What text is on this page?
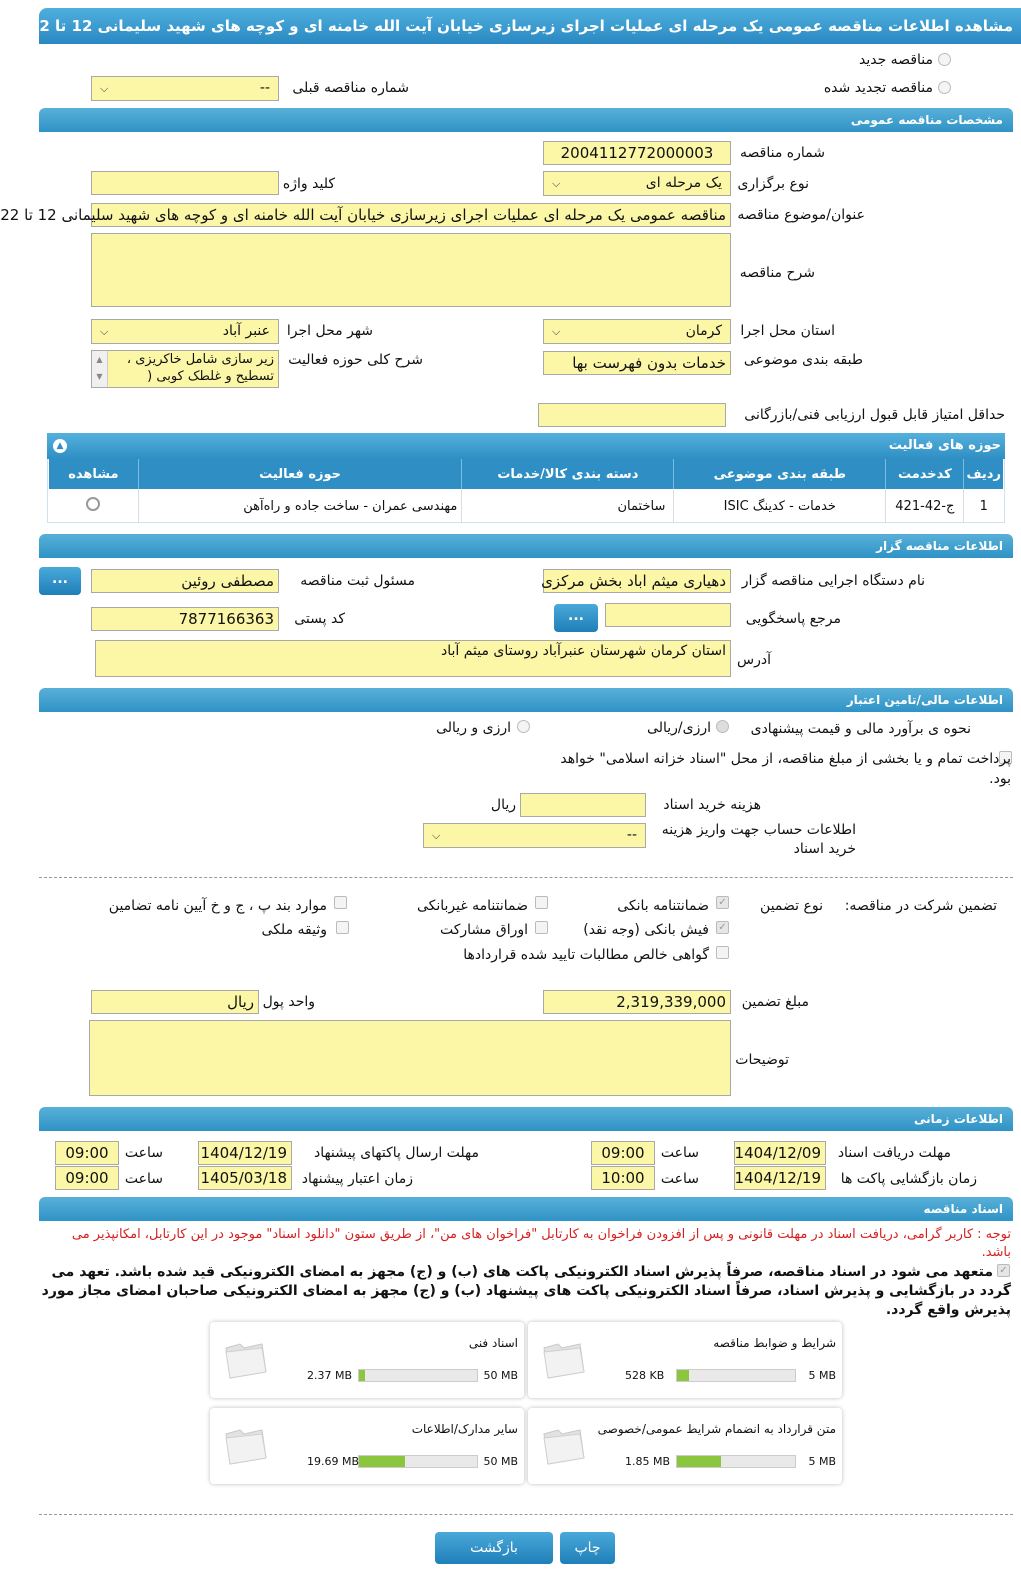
مشاهده اطلاعات مناقصه عمومی یک مرحله ای عملیات اجرای زیرسازی خیابان آیت الله خامنه ای و کوچه های شهید سلیمانی 12 تا 22
مناقصه جدید
مناقصه تجدید شده
شماره مناقصه قبلی
--
⌵
مشخصات مناقصه عمومی
شماره مناقصه
2004112772000003
نوع برگزاری
یک مرحله ای
⌵
کلید واژه
عنوان/موضوع مناقصه
مناقصه عمومی یک مرحله ای عملیات اجرای زیرسازی خیابان آیت الله خامنه ای و کوچه های شهید سلیمانی 12 تا 22
شرح مناقصه
استان محل اجرا
کرمان
⌵
شهر محل اجرا
عنبر آباد
⌵
طبقه بندی موضوعی
خدمات بدون فهرست بها
شرح کلی حوزه فعالیت
زیر سازی شامل خاکریزی ، تسطیح و غلطک کوبی (
▲
▼
حداقل امتیاز قابل قبول ارزیابی فنی/بازرگانی
حوزه های فعالیت
▲
ردیف	کدخدمت	طبقه بندی موضوعی	دسته بندی کالا/خدمات	حوزه فعالیت	مشاهده
1	ج-42-421	خدمات - کدینگ ISIC	ساختمان	مهندسی عمران - ساخت جاده و راه‌آهن	
اطلاعات مناقصه گزار
نام دستگاه اجرایی مناقصه گزار
دهیاری میثم اباد بخش مرکزی
مسئول ثبت مناقصه
مصطفی روئین
...
مرجع پاسخگویی
...
کد پستی
7877166363
آدرس
استان کرمان شهرستان عنبرآباد روستای میثم آباد
اطلاعات مالی/تامین اعتبار
نحوه ی برآورد مالی و قیمت پیشنهادی
ارزی/ریالی
ارزی و ریالی
پرداخت تمام و یا بخشی از مبلغ مناقصه، از محل "اسناد خزانه اسلامی" خواهد بود.
هزینه خرید اسناد
ریال
اطلاعات حساب جهت واریز هزینه خرید اسناد
--
⌵
تضمین شرکت در مناقصه:
نوع تضمین
✓
ضمانتنامه بانکی
ضمانتنامه غیربانکی
موارد بند پ ، ج و خ آیین نامه تضامین
✓
فیش بانکی (وجه نقد)
اوراق مشارکت
وثیقه ملکی
گواهی خالص مطالبات تایید شده قراردادها
مبلغ تضمین
2,319,339,000
واحد پول
ریال
توضیحات
اطلاعات زمانی
مهلت دریافت اسناد
1404/12/09
ساعت
09:00
مهلت ارسال پاکتهای پیشنهاد
1404/12/19
ساعت
09:00
زمان بازگشایی پاکت ها
1404/12/19
ساعت
10:00
زمان اعتبار پیشنهاد
1405/03/18
ساعت
09:00
اسناد مناقصه
توجه : کاربر گرامی، دریافت اسناد در مهلت قانونی و پس از افزودن فراخوان به کارتابل "فراخوان های من"، از طریق ستون "دانلود اسناد" موجود در این کارتابل، امکانپذیر می باشد.
✓
متعهد می شود در اسناد مناقصه، صرفاً پذیرش اسناد الکترونیکی پاکت های (ب) و (ج) مجهز به امضای الکترونیکی قید شده باشد. تعهد می گردد در بازگشایی و پذیرش اسناد، صرفاً اسناد الکترونیکی پاکت های پیشنهاد (ب) و (ج) مجهز به امضای الکترونیکی صاحبان امضای مجاز مورد پذیرش واقع گردد.
شرایط و ضوابط مناقصه
5 MB
528 KB
اسناد فنی
50 MB
2.37 MB
متن قرارداد به انضمام شرایط عمومی/خصوصی
5 MB
1.85 MB
سایر مدارک/اطلاعات
50 MB
19.69 MB
چاپ
بازگشت
